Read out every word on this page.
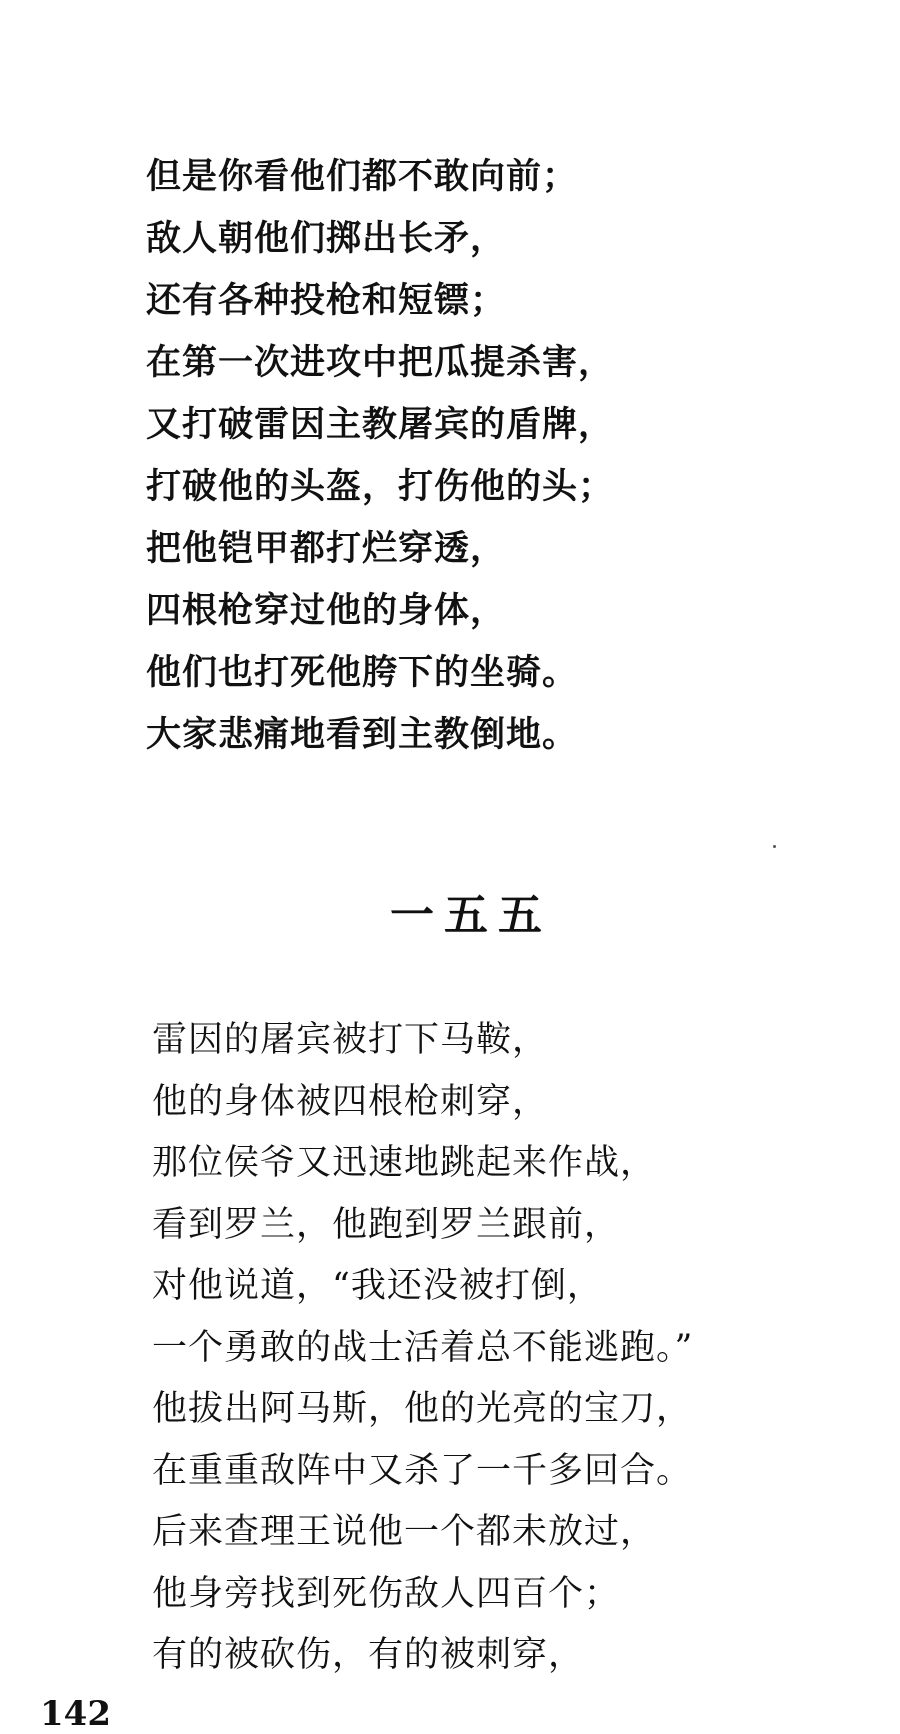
但是你看他们都不敢向前；
敌人朝他们掷出长矛，
还有各种投枪和短镖；
在第一次进攻中把瓜提杀害，
又打破雷因主教屠宾的盾牌，
打破他的头盔，打伤他的头；
把他铠甲都打烂穿透，
四根枪穿过他的身体，
他们也打死他胯下的坐骑。
大家悲痛地看到主教倒地。
一五五
雷因的屠宾被打下马鞍，
他的身体被四根枪刺穿，
那位侯爷又迅速地跳起来作战，
看到罗兰，他跑到罗兰跟前，
对他说道，“我还没被打倒，
一个勇敢的战士活着总不能逃跑。”
他拔出阿马斯，他的光亮的宝刀，
在重重敌阵中又杀了一千多回合。
后来查理王说他一个都未放过，
他身旁找到死伤敌人四百个；
有的被砍伤，有的被刺穿，
142
